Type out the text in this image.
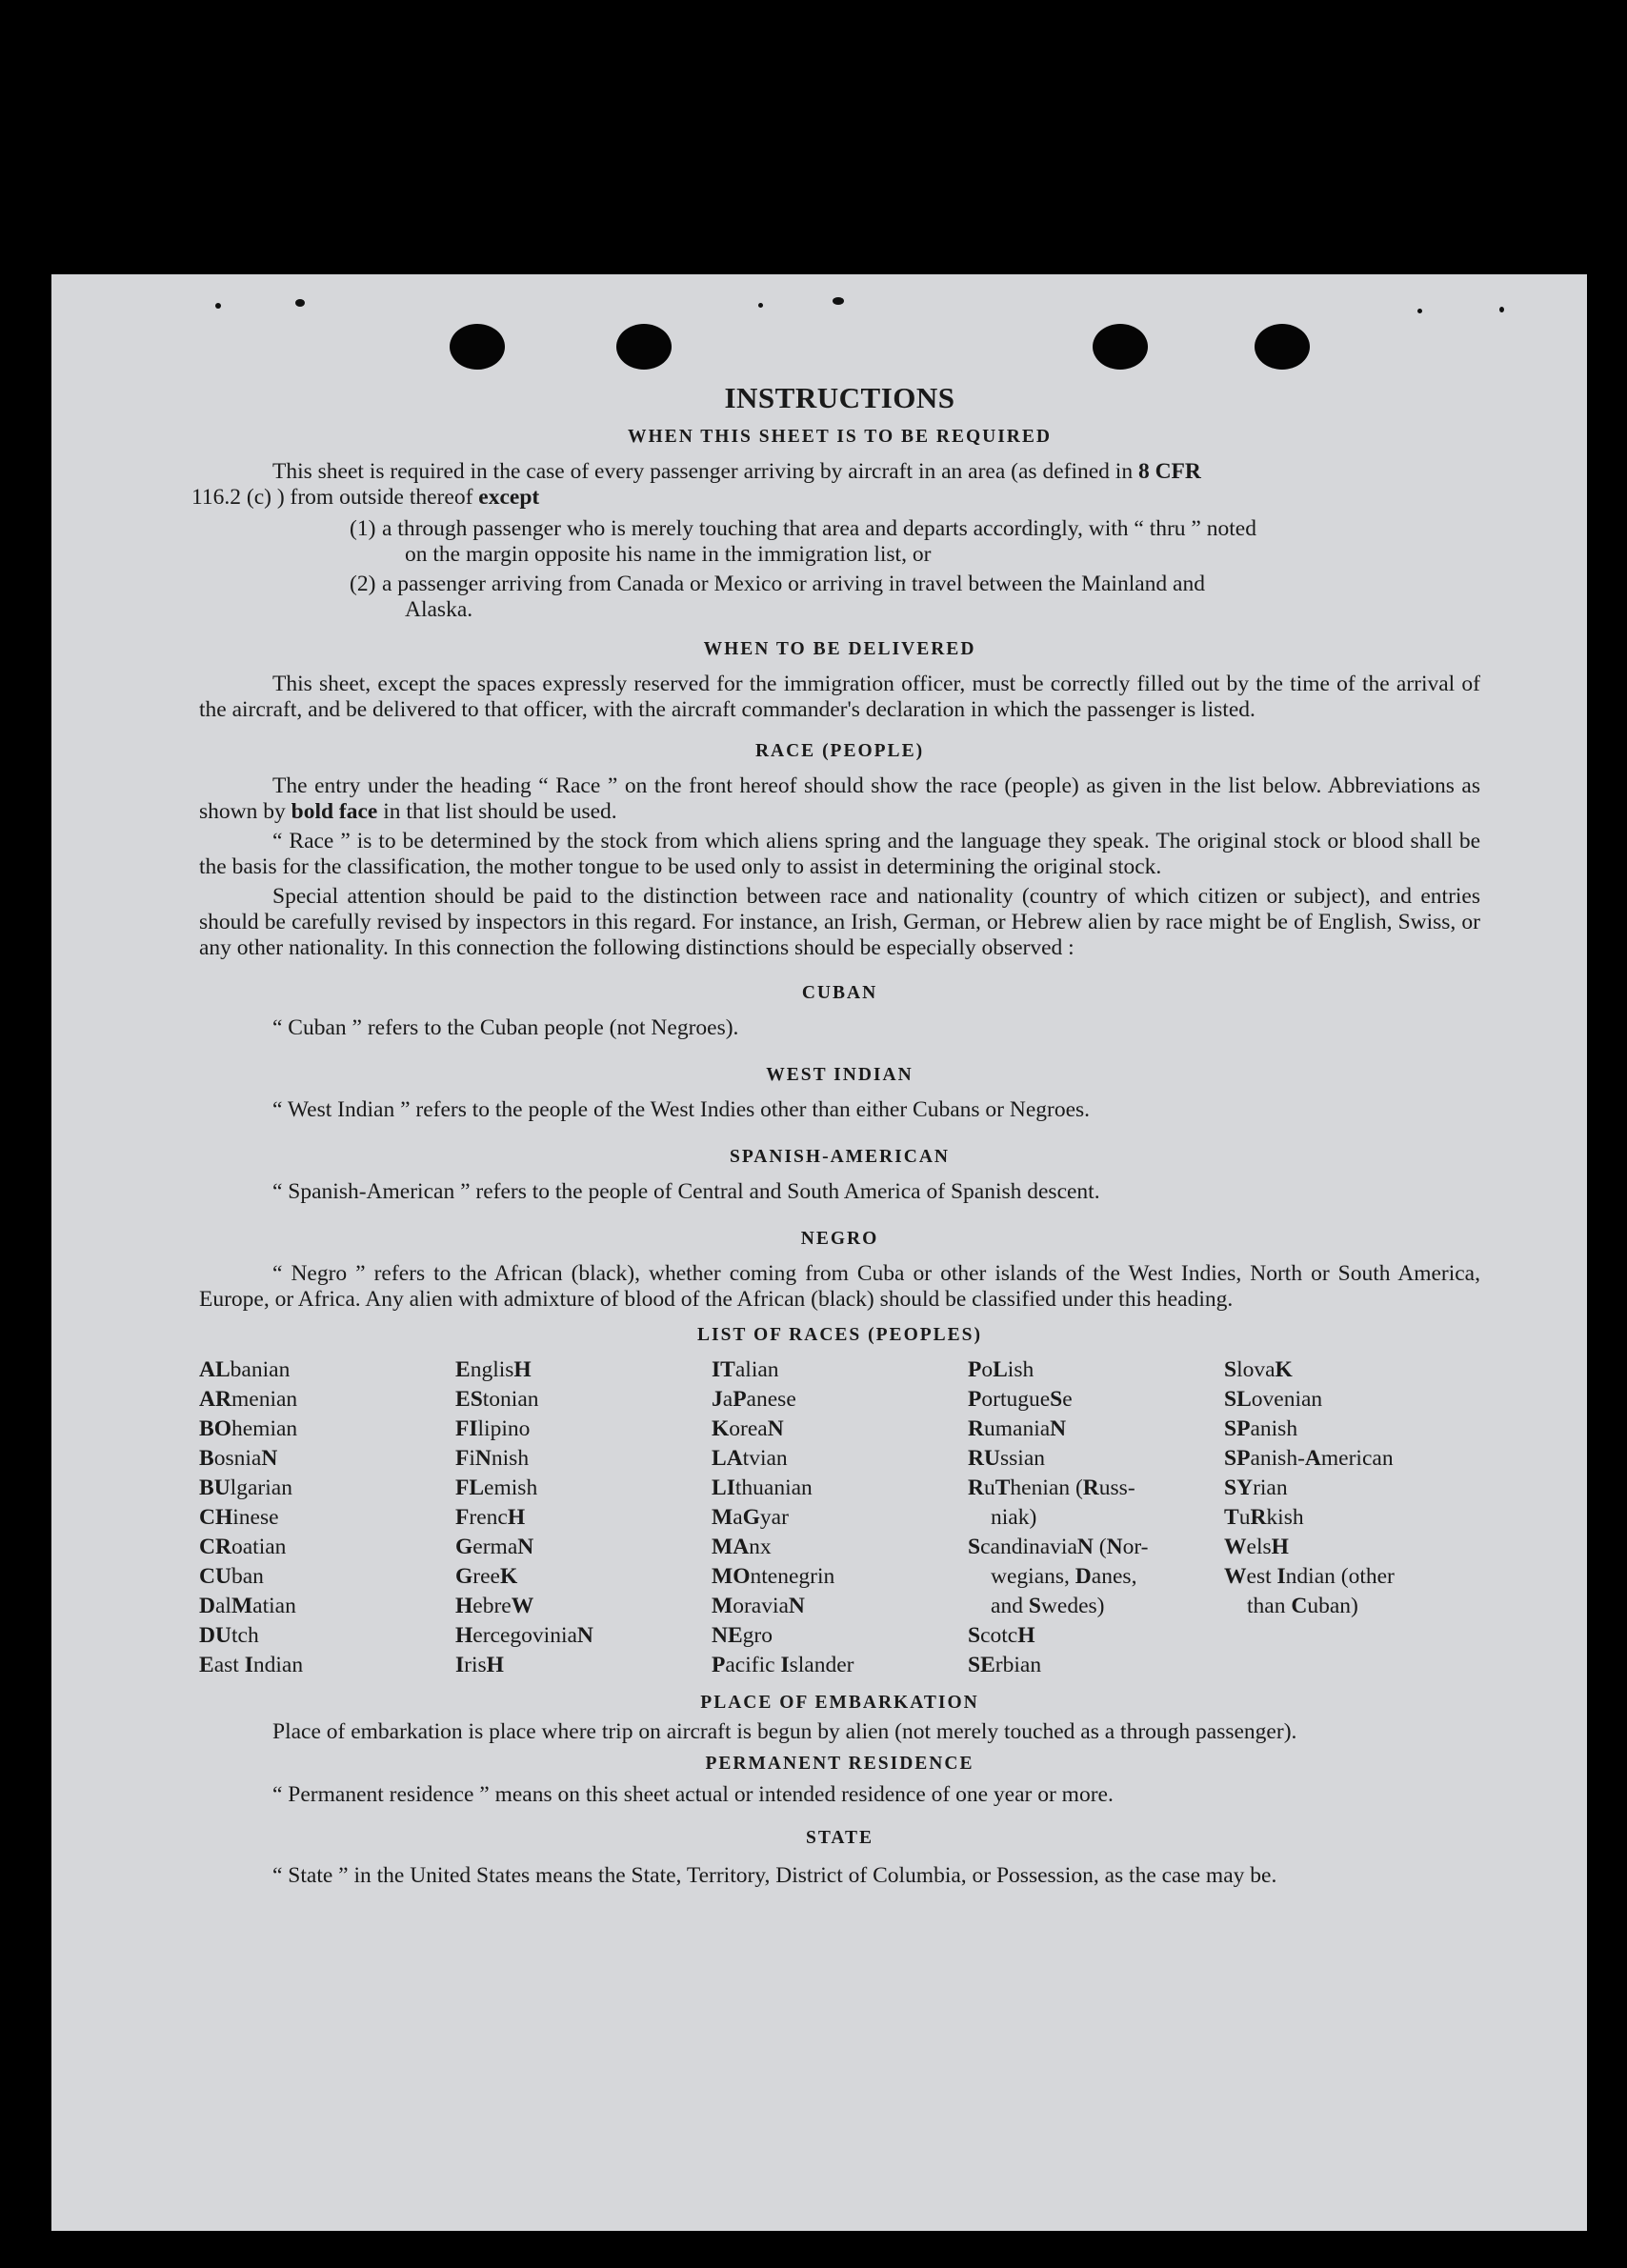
INSTRUCTIONS
WHEN THIS SHEET IS TO BE REQUIRED

This sheet is required in the case of every passenger arriving by aircraft in an area (as defined in 8 CFR

116.2 (c) ) from outside thereof except
(1) a through passenger who is merely touching that area and departs accordingly, with “ thru ” noted
on the margin opposite his name in the immigration list, or
(2) a passenger arriving from Canada or Mexico or arriving in travel between the Mainland and
Alaska.
WHEN TO BE DELIVERED

This sheet, except the spaces expressly reserved for the immigration officer, must be correctly filled out by the time of the arrival of the aircraft, and be delivered to that officer, with the aircraft commander's declaration in which the passenger is listed.

RACE (PEOPLE)

The entry under the heading “ Race ” on the front hereof should show the race (people) as given in the list below. Abbreviations as shown by bold face in that list should be used.

“ Race ” is to be determined by the stock from which aliens spring and the language they speak. The original stock or blood shall be the basis for the classification, the mother tongue to be used only to assist in determining the original stock.

Special attention should be paid to the distinction between race and nationality (country of which citizen or subject), and entries should be carefully revised by inspectors in this regard. For instance, an Irish, German, or Hebrew alien by race might be of English, Swiss, or any other nationality. In this connection the following distinctions should be especially observed :

CUBAN

“ Cuban ” refers to the Cuban people (not Negroes).

WEST INDIAN

“ West Indian ” refers to the people of the West Indies other than either Cubans or Negroes.

SPANISH-AMERICAN

“ Spanish-American ” refers to the people of Central and South America of Spanish descent.

NEGRO

“ Negro ” refers to the African (black), whether coming from Cuba or other islands of the West Indies, North or South America, Europe, or Africa. Any alien with admixture of blood of the African (black) should be classified under this heading.

LIST OF RACES (PEOPLES)
ALbanian
ARmenian
BOhemian
BosniaN
BUlgarian
CHinese
CRoatian
CUban
DalMatian
DUtch
East Indian
EnglisH
EStonian
FIlipino
FiNnish
FLemish
FrencH
GermaN
GreeK
HebreW
HercegoviniaN
IrisH
ITalian
JaPanese
KoreaN
LAtvian
LIthuanian
MaGyar
MAnx
MOntenegrin
MoraviaN
NEgro
Pacific Islander
PoLish
PortugueSe
RumaniaN
RUssian
RuThenian (Russ-
niak)
ScandinaviaN (Nor-
wegians, Danes,
and Swedes)
ScotcH
SErbian
SlovaK
SLovenian
SPanish
SPanish-American
SYrian
TuRkish
WelsH
West Indian (other
than Cuban)
PLACE OF EMBARKATION

Place of embarkation is place where trip on aircraft is begun by alien (not merely touched as a through passenger).

PERMANENT RESIDENCE

“ Permanent residence ” means on this sheet actual or intended residence of one year or more.

STATE

“ State ” in the United States means the State, Territory, District of Columbia, or Possession, as the case may be.
